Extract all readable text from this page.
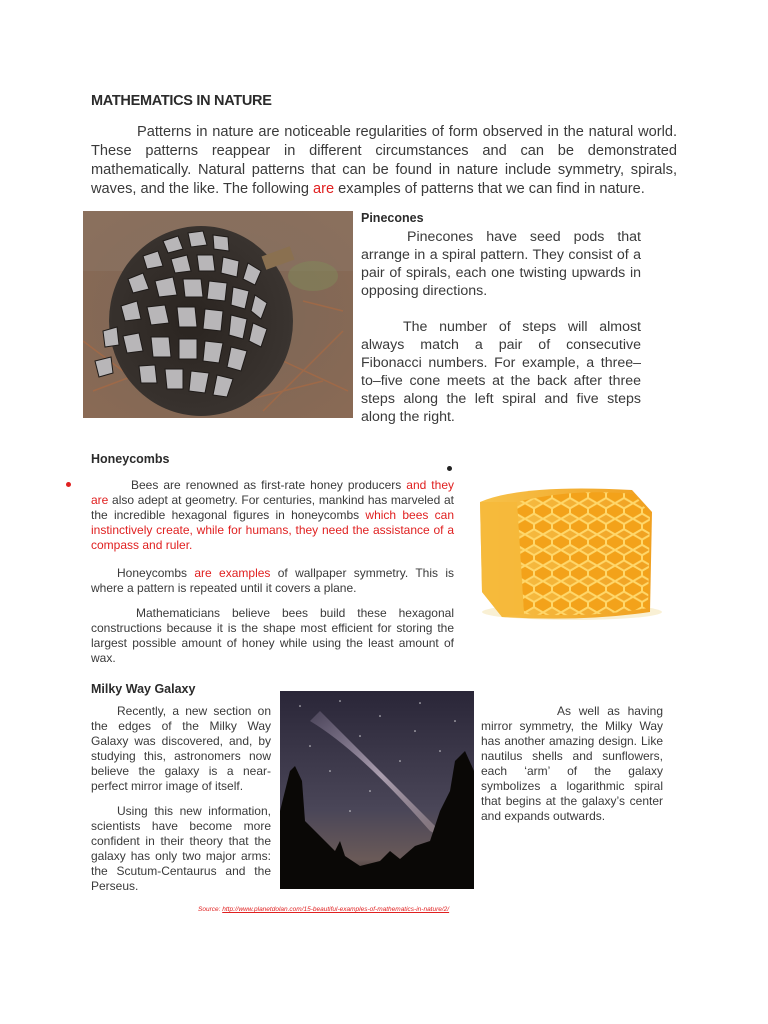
MATHEMATICS IN NATURE
Patterns in nature are noticeable regularities of form observed in the natural world. These patterns reappear in different circumstances and can be demonstrated mathematically. Natural patterns that can be found in nature include symmetry, spirals, waves, and the like. The following are examples of patterns that we can find in nature.
Pinecones
Pinecones have seed pods that arrange in a spiral pattern. They consist of a pair of spirals, each one twisting upwards in opposing directions.
The number of steps will almost always match a pair of consecutive Fibonacci numbers. For example, a three–to–five cone meets at the back after three steps along the left spiral and five steps along the right.
Honeycombs
Bees are renowned as first-rate honey producers and they are also adept at geometry. For centuries, mankind has marveled at the incredible hexagonal figures in honeycombs which bees can instinctively create, while for humans, they need the assistance of a compass and ruler.
Honeycombs are examples of wallpaper symmetry. This is where a pattern is repeated until it covers a plane.
Mathematicians believe bees build these hexagonal constructions because it is the shape most efficient for storing the largest possible amount of honey while using the least amount of wax.
Milky Way Galaxy
Recently, a new section on the edges of the Milky Way Galaxy was discovered, and, by studying this, astronomers now believe the galaxy is a near-perfect mirror image of itself.
Using this new information, scientists have become more confident in their theory that the galaxy has only two major arms: the Scutum-Centaurus and the Perseus.
As well as having mirror symmetry, the Milky Way has another amazing design. Like nautilus shells and sunflowers, each ‘arm’ of the galaxy symbolizes a logarithmic spiral that begins at the galaxy’s center and expands outwards.
Source: http://www.planetdolan.com/15-beautiful-examples-of-mathematics-in-nature/2/
